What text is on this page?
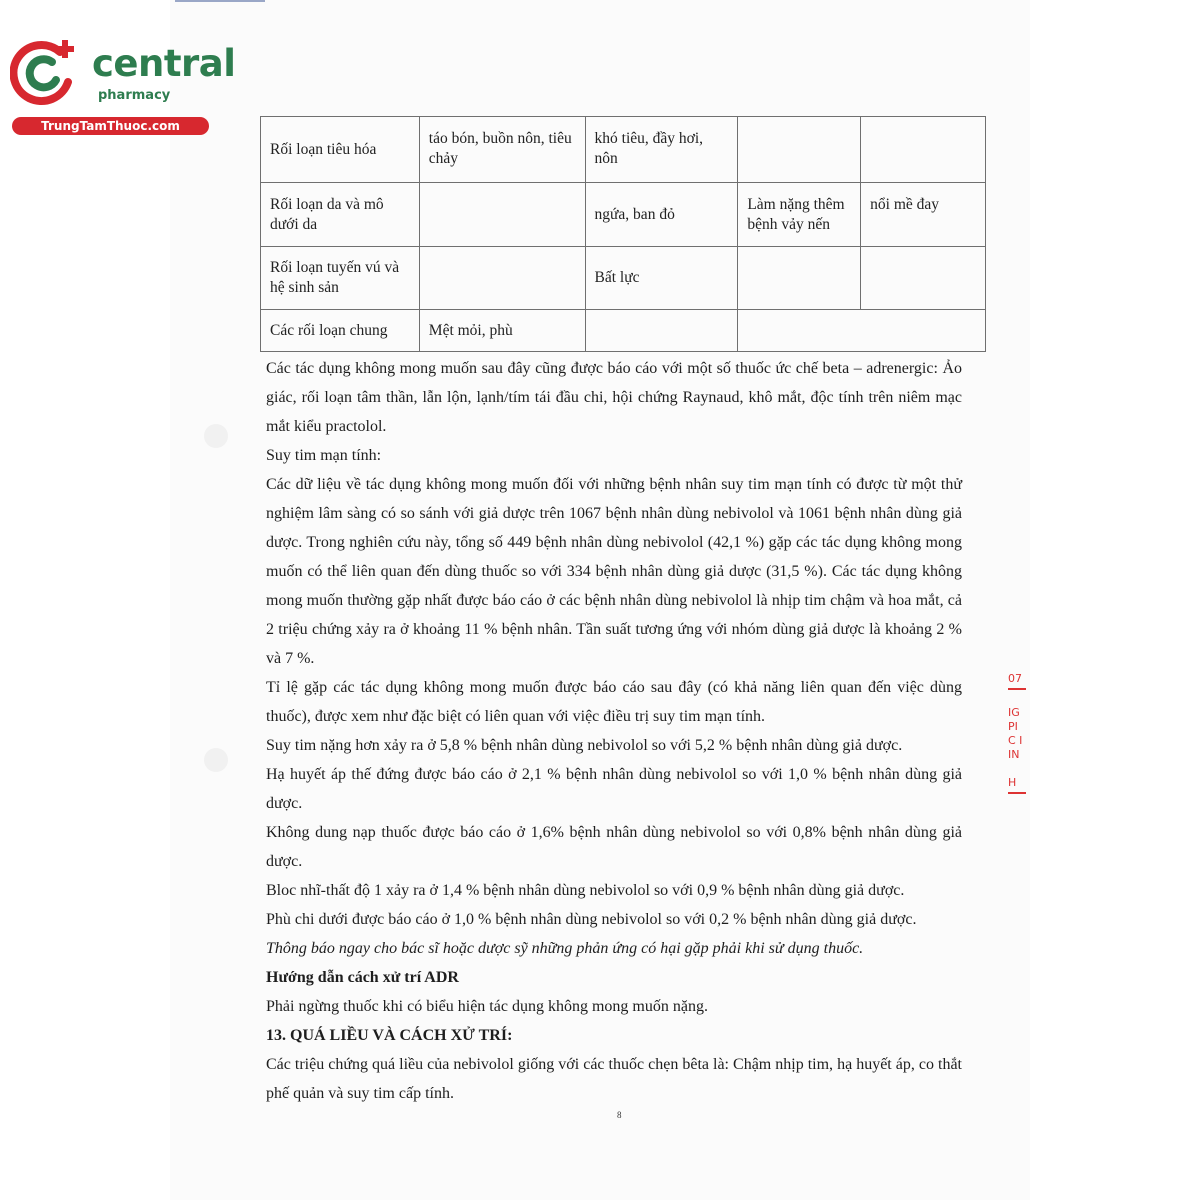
central
pharmacy
TrungTamThuoc.com
Rối loạn tiêu hóa	táo bón, buồn nôn, tiêu chảy	khó tiêu, đầy hơi, nôn		
Rối loạn da và mô dưới da		ngứa, ban đỏ	Làm nặng thêm bệnh vảy nến	nổi mề đay
Rối loạn tuyến vú và hệ sinh sản		Bất lực		
Các rối loạn chung	Mệt mỏi, phù			

Các tác dụng không mong muốn sau đây cũng được báo cáo với một số thuốc ức chế beta – adrenergic: Ảo giác, rối loạn tâm thần, lẫn lộn, lạnh/tím tái đầu chi, hội chứng Raynaud, khô mắt, độc tính trên niêm mạc mắt kiểu practolol.

Suy tim mạn tính:

Các dữ liệu về tác dụng không mong muốn đối với những bệnh nhân suy tim mạn tính có được từ một thử nghiệm lâm sàng có so sánh với giả dược trên 1067 bệnh nhân dùng nebivolol và 1061 bệnh nhân dùng giả dược. Trong nghiên cứu này, tổng số 449 bệnh nhân dùng nebivolol (42,1 %) gặp các tác dụng không mong muốn có thể liên quan đến dùng thuốc so với 334 bệnh nhân dùng giả dược (31,5 %). Các tác dụng không mong muốn thường gặp nhất được báo cáo ở các bệnh nhân dùng nebivolol là nhịp tim chậm và hoa mắt, cả 2 triệu chứng xảy ra ở khoảng 11 % bệnh nhân. Tần suất tương ứng với nhóm dùng giả dược là khoảng 2 % và 7 %.

Tỉ lệ gặp các tác dụng không mong muốn được báo cáo sau đây (có khả năng liên quan đến việc dùng thuốc), được xem như đặc biệt có liên quan với việc điều trị suy tim mạn tính.

Suy tim nặng hơn xảy ra ở 5,8 % bệnh nhân dùng nebivolol so với 5,2 % bệnh nhân dùng giả dược.

Hạ huyết áp thế đứng được báo cáo ở 2,1 % bệnh nhân dùng nebivolol so với 1,0 % bệnh nhân dùng giả dược.

Không dung nạp thuốc được báo cáo ở 1,6% bệnh nhân dùng nebivolol so với 0,8% bệnh nhân dùng giả dược.

Bloc nhĩ-thất độ 1 xảy ra ở 1,4 % bệnh nhân dùng nebivolol so với 0,9 % bệnh nhân dùng giả dược.

Phù chi dưới được báo cáo ở 1,0 % bệnh nhân dùng nebivolol so với 0,2 % bệnh nhân dùng giả dược.

Thông báo ngay cho bác sĩ hoặc dược sỹ những phản ứng có hại gặp phải khi sử dụng thuốc.

Hướng dẫn cách xử trí ADR

Phải ngừng thuốc khi có biểu hiện tác dụng không mong muốn nặng.

13. QUÁ LIỀU VÀ CÁCH XỬ TRÍ:

Các triệu chứng quá liều của nebivolol giống với các thuốc chẹn bêta là: Chậm nhịp tim, hạ huyết áp, co thắt phế quản và suy tim cấp tính.

8
07
IG
PI
C I
IN
H
